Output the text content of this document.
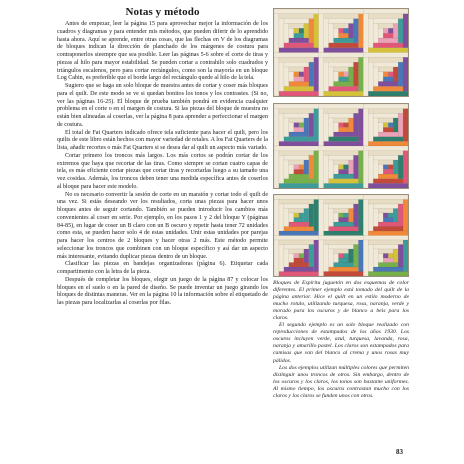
Notas y método

Antes de empezar, leer la página 15 para aprovechar mejor la información de los cuadros y diagramas y para entender mis métodos, que pueden diferir de lo aprendido hasta ahora. Aquí se aprende, entre otras cosas, que las flechas en V de los diagramas de bloques indican la dirección de planchado de los márgenes de costura para contraponerlos sieempre que sea posible. Leer las páginas 5-6 sobre el corte de tiras y piezas al hilo para mayor estabilidad. Se pueden cortar a contrahilo solo cuadrados y triángulos escalenos, pero para cortar rectángulos, como son la mayoría en un bloque Log Cabin, es preferible que el borde largo del rectángulo quede al hilo de la tela.

Sugiero que se haga un solo bloque de muestra antes de cortar y coser más bloques para el quilt. De este modo se ve si quedan bonitos los tonos y los contrastes. (Si no, ver las páginas 16-25). El bloque de prueba también pondrá en evidencia cualquier problema en el corte o en el margen de costura. Si las piezas del bloque de muestra no están bien alineadas al coserlas, ver la página 8 para aprender a perfeccionar el margen de costura.

El total de Fat Quarters indicado ofrece tela suficiente para hacer el quilt, pero los quilts de este libro están hechos con mayor variedad de retales. A los Fat Quarters de la lista, añadir recortes o más Fat Quarters si se desea dar al quilt un aspecto más variado.

Cortar primero los troncos más largos. Los más cortos se podrán cortar de los extremos que haya que recortar de las tiras. Como siempre se cortan cuatro capas de tela, es más eficiente cortar piezas que cortar tiras y recortarlas luego a su tamaño una vez cosidas. Además, los troncos deben tener una medida específica antes de coserlos al bloque para hacer este modelo.

No es necesario convertir la sesión de corte en un maratón y cortar todo el quilt de una vez. Si estás deseando ver los resultados, corta unas piezas para hacer unos bloques antes de seguir cortando. También se pueden introducir los cambios más convenientes al coser en serie. Por ejemplo, en los pasos 1 y 2 del bloque Y (páginas 84-85), en lugar de coser un B claro con un B oscuro y repetir hasta tener 72 unidades como esta, se pueden hacer solo 4 de estas unidades. Unir estas unidades por parejas para hacer los centros de 2 bloques y hacer otras 2 más. Este método permite seleccionar los troncos que combinen con un bloque específico y así dar un aspecto más interesante, evitando duplicar piezas dentro de un bloque.

Clasificar las piezas en bandejas organizadoras (página 6). Etiquetar cada compartimento con la letra de la pieza.

Después de completar los bloques, elegir un juego de la página 87 y colocar los bloques en el suelo o en la pared de diseño. Se puede inventar un juego girando los bloques de distintas maneras. Ver en la página 10 la información sobre el etiquetado de las piezas para localizarlas al coserlas por filas.

Bloques de Espíritu juguetón en dos esquemas de color diferentes. El primer ejemplo está tomado del quilt de la página anterior. Hice el quilt en un estilo moderno de mucho rotulo, utilizando turquesa, rosa, naranja, verde y morado para los oscuros y de blanco a beis para los claros.

El segundo ejemplo es un solo bloque realizado con reproducciones de estampados de los años 1930. Los oscuros incluyen verde, azul, turquesa, lavanda, rosa, naranja y amarillo pastel. Los claros son estampados para camisas que van del blanco al crema y unos rosas muy pálidos.

Los dos ejemplos utilizan múltiples colores que permiten distinguir unos troncos de otros. Sin embargo, dentro de los oscuros y los claros, los tonos son bastante uniformes. Al mismo tiempo, los oscuros contrastan mucho con los claros y los claros se funden unos con otros.

83
